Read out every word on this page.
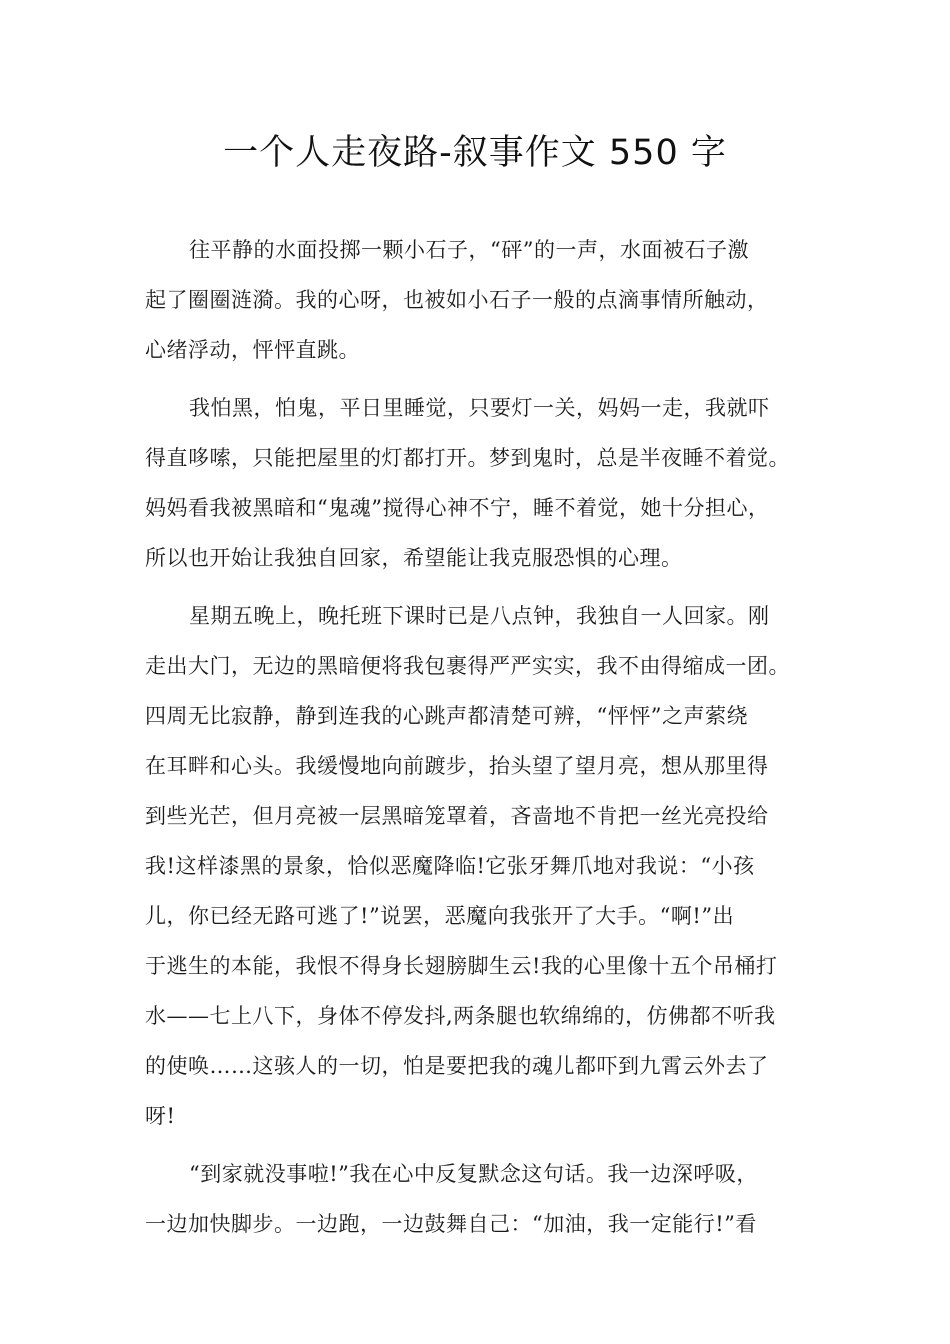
一个人走夜路-叙事作文 550 字

往平静的水面投掷一颗小石子，“砰”的一声，水面被石子激
起了圈圈涟漪。我的心呀，也被如小石子一般的点滴事情所触动，
心绪浮动，怦怦直跳。

我怕黑，怕鬼，平日里睡觉，只要灯一关，妈妈一走，我就吓
得直哆嗦，只能把屋里的灯都打开。梦到鬼时，总是半夜睡不着觉。
妈妈看我被黑暗和“鬼魂”搅得心神不宁，睡不着觉，她十分担心，
所以也开始让我独自回家，希望能让我克服恐惧的心理。

星期五晚上，晚托班下课时已是八点钟，我独自一人回家。刚
走出大门，无边的黑暗便将我包裹得严严实实，我不由得缩成一团。
四周无比寂静，静到连我的心跳声都清楚可辨，“怦怦”之声萦绕
在耳畔和心头。我缓慢地向前踱步，抬头望了望月亮，想从那里得
到些光芒，但月亮被一层黑暗笼罩着，吝啬地不肯把一丝光亮投给
我!这样漆黑的景象，恰似恶魔降临!它张牙舞爪地对我说：“小孩
儿，你已经无路可逃了!”说罢，恶魔向我张开了大手。“啊!”出
于逃生的本能，我恨不得身长翅膀脚生云!我的心里像十五个吊桶打
水——七上八下，身体不停发抖,两条腿也软绵绵的，仿佛都不听我
的使唤……这骇人的一切，怕是要把我的魂儿都吓到九霄云外去了
呀!

“到家就没事啦!”我在心中反复默念这句话。我一边深呼吸，
一边加快脚步。一边跑，一边鼓舞自己：“加油，我一定能行!”看
